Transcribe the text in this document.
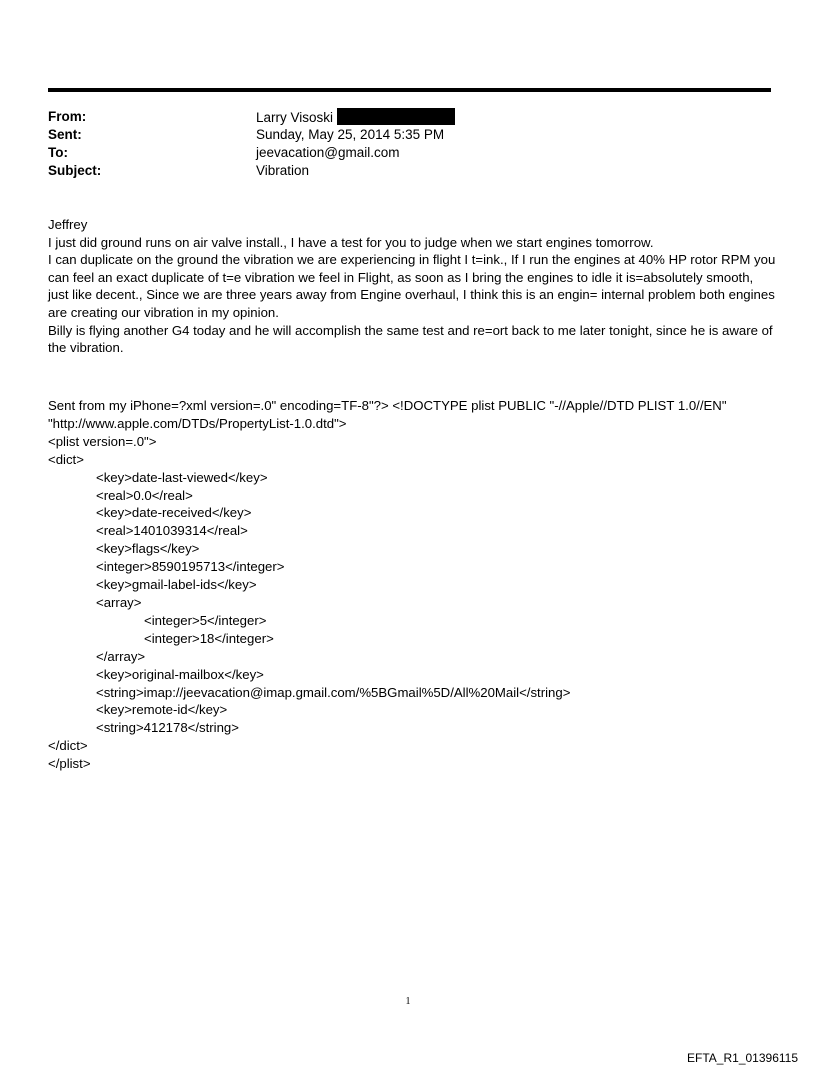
From:	Larry Visoski
Sent:	Sunday, May 25, 2014 5:35 PM
To:	jeevacation@gmail.com
Subject:	Vibration

Jeffrey

I just did ground runs on air valve install., I have a test for you to judge when we start engines tomorrow.

I can duplicate on the ground the vibration we are experiencing in flight I t=ink., If I run the engines at 40% HP rotor RPM you can feel an exact duplicate of t=e vibration we feel in Flight, as soon as I bring the engines to idle it is=absolutely smooth, just like decent., Since we are three years away from Engine overhaul, I think this is an engin= internal problem both engines are creating our vibration in my opinion.

Billy is flying another G4 today and he will accomplish the same test and re=ort back to me later tonight, since he is aware of the vibration.

Sent from my iPhone=?xml version=.0" encoding=TF-8"?> <!DOCTYPE plist PUBLIC "-//Apple//DTD PLIST 1.0//EN"
"http://www.apple.com/DTDs/PropertyList-1.0.dtd">
<plist version=.0">
<dict>
<key>date-last-viewed</key>
<real>0.0</real>
<key>date-received</key>
<real>1401039314</real>
<key>flags</key>
<integer>8590195713</integer>
<key>gmail-label-ids</key>
<array>
<integer>5</integer>
<integer>18</integer>
</array>
<key>original-mailbox</key>
<string>imap://jeevacation@imap.gmail.com/%5BGmail%5D/All%20Mail</string>
<key>remote-id</key>
<string>412178</string>
</dict>
</plist>
1
EFTA_R1_01396115
